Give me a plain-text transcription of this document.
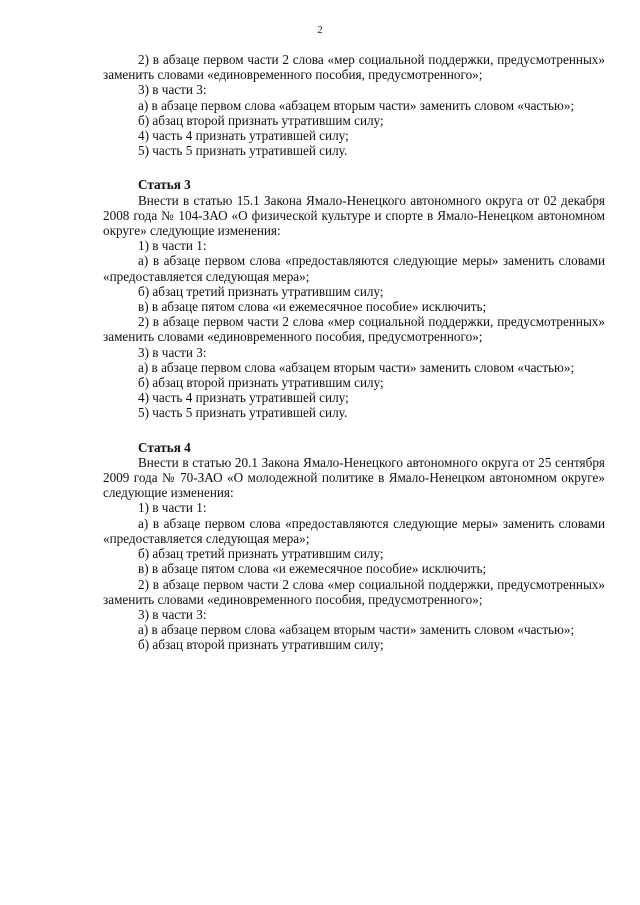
2

2) в абзаце первом части 2 слова «мер социальной поддержки, предусмотренных» заменить словами «единовременного пособия, предусмотренного»;

3) в части 3:

а) в абзаце первом слова «абзацем вторым части» заменить словом «частью»;

б) абзац второй признать утратившим силу;

4) часть 4 признать утратившей силу;

5) часть 5 признать утратившей силу.

Статья 3

Внести в статью 15.1 Закона Ямало-Ненецкого автономного округа от 02 декабря 2008 года № 104-ЗАО «О физической культуре и спорте в Ямало-Ненецком автономном округе» следующие изменения:

1) в части 1:

а) в абзаце первом слова «предоставляются следующие меры» заменить словами «предоставляется следующая мера»;

б) абзац третий признать утратившим силу;

в) в абзаце пятом слова «и ежемесячное пособие» исключить;

2) в абзаце первом части 2 слова «мер социальной поддержки, предусмотренных» заменить словами «единовременного пособия, предусмотренного»;

3) в части 3:

а) в абзаце первом слова «абзацем вторым части» заменить словом «частью»;

б) абзац второй признать утратившим силу;

4) часть 4 признать утратившей силу;

5) часть 5 признать утратившей силу.

Статья 4

Внести в статью 20.1 Закона Ямало-Ненецкого автономного округа от 25 сентября 2009 года № 70-ЗАО «О молодежной политике в Ямало-Ненецком автономном округе» следующие изменения:

1) в части 1:

а) в абзаце первом слова «предоставляются следующие меры» заменить словами «предоставляется следующая мера»;

б) абзац третий признать утратившим силу;

в) в абзаце пятом слова «и ежемесячное пособие» исключить;

2) в абзаце первом части 2 слова «мер социальной поддержки, предусмотренных» заменить словами «единовременного пособия, предусмотренного»;

3) в части 3:

а) в абзаце первом слова «абзацем вторым части» заменить словом «частью»;

б) абзац второй признать утратившим силу;
